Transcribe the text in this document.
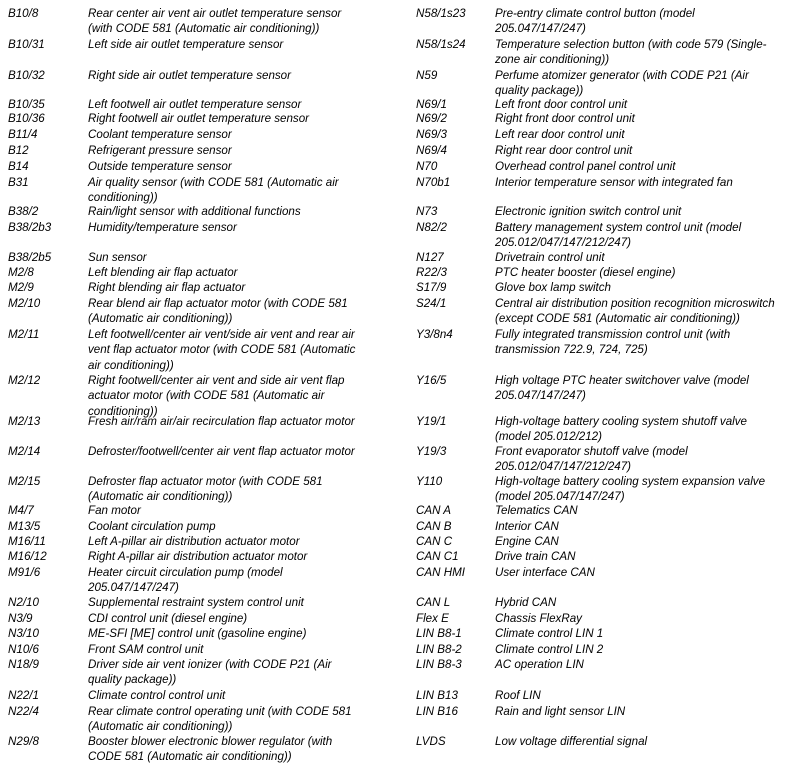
B10/8	Rear center air vent air outlet temperature sensor
(with CODE 581 (Automatic air conditioning))
B10/31	Left side air outlet temperature sensor
B10/32	Right side air outlet temperature sensor
B10/35	Left footwell air outlet temperature sensor
B10/36	Right footwell air outlet temperature sensor
B11/4	Coolant temperature sensor
B12	Refrigerant pressure sensor
B14	Outside temperature sensor
B31	Air quality sensor (with CODE 581 (Automatic air
conditioning))
B38/2	Rain/light sensor with additional functions
B38/2b3	Humidity/temperature sensor
B38/2b5	Sun sensor
M2/8	Left blending air flap actuator
M2/9	Right blending air flap actuator
M2/10	Rear blend air flap actuator motor (with CODE 581
(Automatic air conditioning))
M2/11	Left footwell/center air vent/side air vent and rear air
vent flap actuator motor (with CODE 581 (Automatic
air conditioning))
M2/12	Right footwell/center air vent and side air vent flap
actuator motor (with CODE 581 (Automatic air
conditioning))
M2/13	Fresh air/ram air/air recirculation flap actuator motor
M2/14	Defroster/footwell/center air vent flap actuator motor
M2/15	Defroster flap actuator motor (with CODE 581
(Automatic air conditioning))
M4/7	Fan motor
M13/5	Coolant circulation pump
M16/11	Left A-pillar air distribution actuator motor
M16/12	Right A-pillar air distribution actuator motor
M91/6	Heater circuit circulation pump (model
205.047/147/247)
N2/10	Supplemental restraint system control unit
N3/9	CDI control unit (diesel engine)
N3/10	ME-SFI [ME] control unit (gasoline engine)
N10/6	Front SAM control unit
N18/9	Driver side air vent ionizer (with CODE P21 (Air
quality package))
N22/1	Climate control control unit
N22/4	Rear climate control operating unit (with CODE 581
(Automatic air conditioning))
N29/8	Booster blower electronic blower regulator (with
CODE 581 (Automatic air conditioning))
N58/1s23	Pre-entry climate control button (model
205.047/147/247)
N58/1s24	Temperature selection button (with code 579 (Single-
zone air conditioning))
N59	Perfume atomizer generator (with CODE P21 (Air
quality package))
N69/1	Left front door control unit
N69/2	Right front door control unit
N69/3	Left rear door control unit
N69/4	Right rear door control unit
N70	Overhead control panel control unit
N70b1	Interior temperature sensor with integrated fan
N73	Electronic ignition switch control unit
N82/2	Battery management system control unit (model
205.012/047/147/212/247)
N127	Drivetrain control unit
R22/3	PTC heater booster (diesel engine)
S17/9	Glove box lamp switch
S24/1	Central air distribution position recognition microswitch
(except CODE 581 (Automatic air conditioning))
Y3/8n4	Fully integrated transmission control unit (with
transmission 722.9, 724, 725)
Y16/5	High voltage PTC heater switchover valve (model
205.047/147/247)
Y19/1	High-voltage battery cooling system shutoff valve
(model 205.012/212)
Y19/3	Front evaporator shutoff valve (model
205.012/047/147/212/247)
Y110	High-voltage battery cooling system expansion valve
(model 205.047/147/247)
CAN A	Telematics CAN
CAN B	Interior CAN
CAN C	Engine CAN
CAN C1	Drive train CAN
CAN HMI	User interface CAN
CAN L	Hybrid CAN
Flex E	Chassis FlexRay
LIN B8-1	Climate control LIN 1
LIN B8-2	Climate control LIN 2
LIN B8-3	AC operation LIN
LIN B13	Roof LIN
LIN B16	Rain and light sensor LIN
LVDS	Low voltage differential signal
